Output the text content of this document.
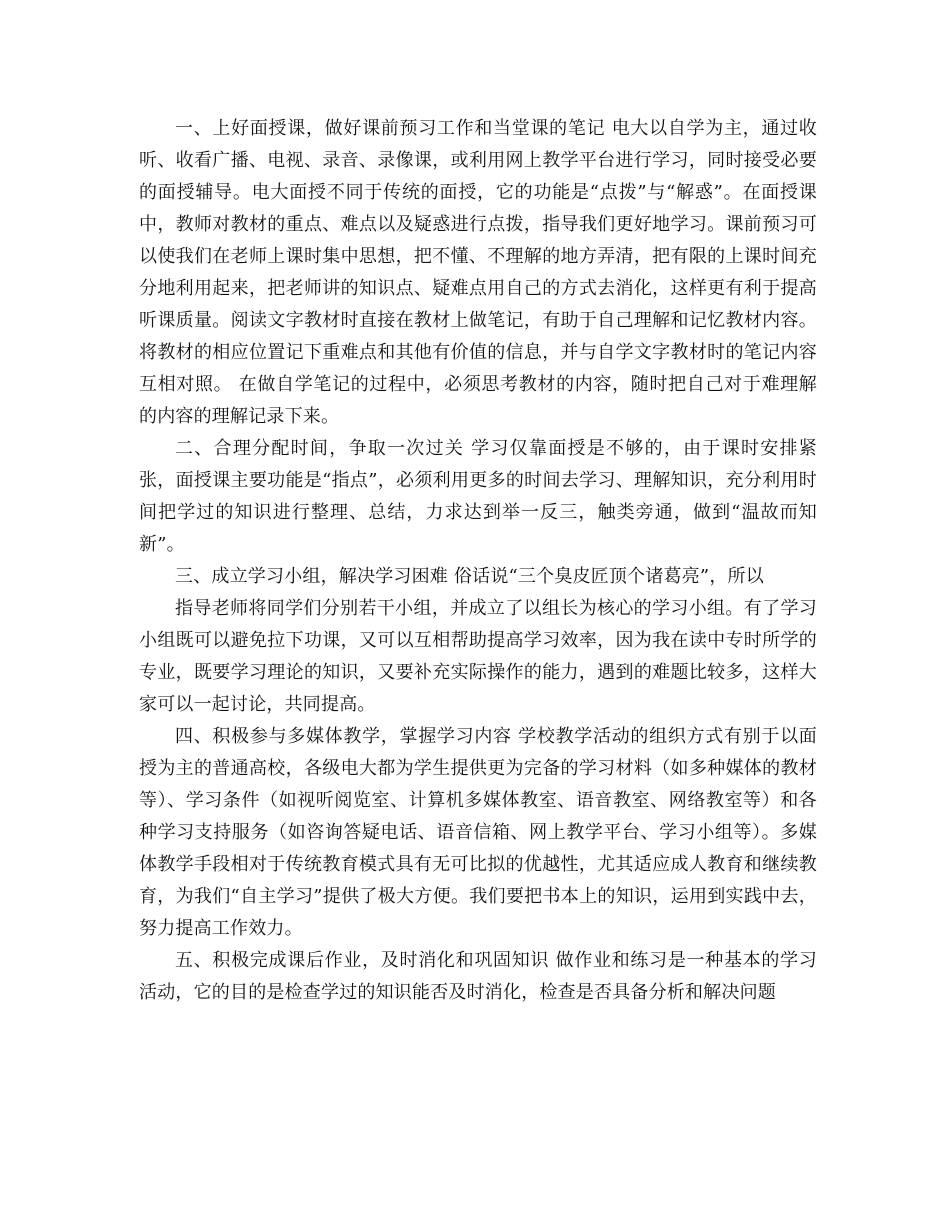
一、上好面授课，做好课前预习工作和当堂课的笔记 电大以自学为主，通过收听、收看广播、电视、录音、录像课，或利用网上教学平台进行学习，同时接受必要的面授辅导。电大面授不同于传统的面授，它的功能是“点拨”与“解惑”。在面授课中，教师对教材的重点、难点以及疑惑进行点拨，指导我们更好地学习。课前预习可以使我们在老师上课时集中思想，把不懂、不理解的地方弄清，把有限的上课时间充分地利用起来，把老师讲的知识点、疑难点用自己的方式去消化，这样更有利于提高听课质量。阅读文字教材时直接在教材上做笔记，有助于自己理解和记忆教材内容。将教材的相应位置记下重难点和其他有价值的信息，并与自学文字教材时的笔记内容互相对照。 在做自学笔记的过程中，必须思考教材的内容，随时把自己对于难理解的内容的理解记录下来。

二、合理分配时间，争取一次过关 学习仅靠面授是不够的，由于课时安排紧张，面授课主要功能是“指点”，必须利用更多的时间去学习、理解知识，充分利用时间把学过的知识进行整理、总结，力求达到举一反三，触类旁通，做到“温故而知新”。

三、成立学习小组，解决学习困难 俗话说“三个臭皮匠顶个诸葛亮”，所以

指导老师将同学们分别若干小组，并成立了以组长为核心的学习小组。有了学习小组既可以避免拉下功课，又可以互相帮助提高学习效率，因为我在读中专时所学的专业，既要学习理论的知识，又要补充实际操作的能力，遇到的难题比较多，这样大家可以一起讨论，共同提高。

四、积极参与多媒体教学，掌握学习内容 学校教学活动的组织方式有别于以面授为主的普通高校，各级电大都为学生提供更为完备的学习材料（如多种媒体的教材等）、学习条件（如视听阅览室、计算机多媒体教室、语音教室、网络教室等）和各种学习支持服务（如咨询答疑电话、语音信箱、网上教学平台、学习小组等）。多媒体教学手段相对于传统教育模式具有无可比拟的优越性，尤其适应成人教育和继续教育，为我们“自主学习”提供了极大方便。我们要把书本上的知识，运用到实践中去，努力提高工作效力。

五、积极完成课后作业，及时消化和巩固知识 做作业和练习是一种基本的学习活动，它的目的是检查学过的知识能否及时消化，检查是否具备分析和解决问题
